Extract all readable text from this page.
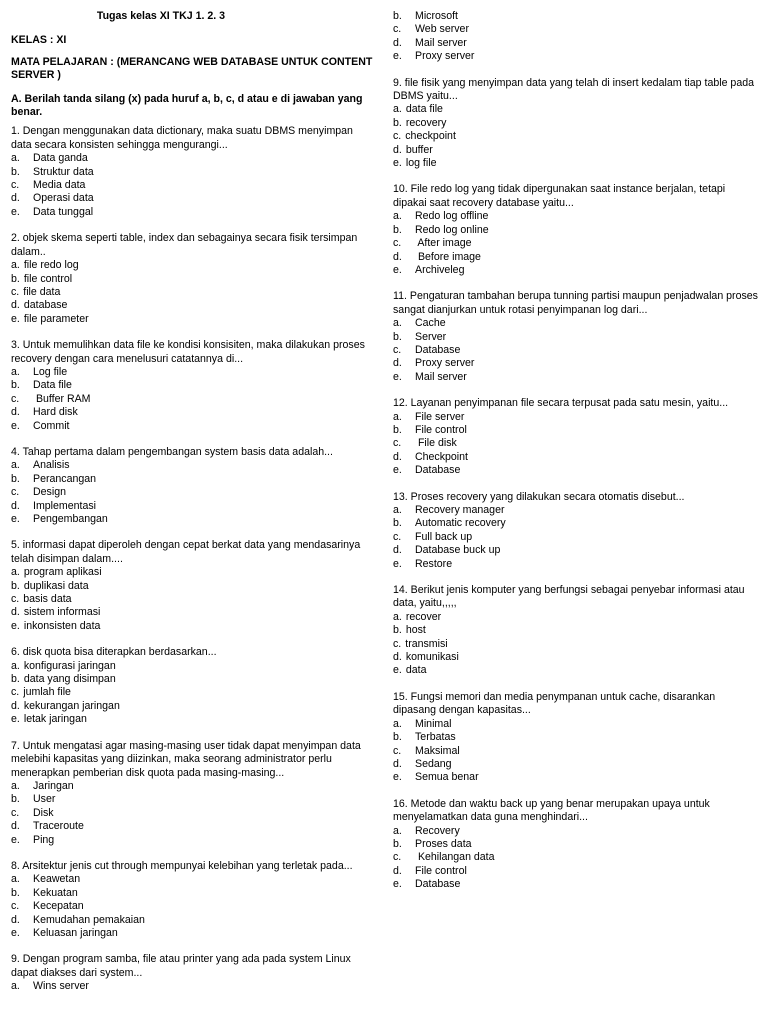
Tugas kelas XI TKJ 1. 2. 3

KELAS : XI

MATA PELAJARAN : (MERANCANG WEB DATABASE UNTUK CONTENT SERVER )

A. Berilah tanda silang (x) pada huruf a, b, c, d atau e di jawaban yang benar.

1. Dengan menggunakan data dictionary, maka suatu DBMS menyimpan data secara konsisten sehingga mengurangi...

a. Data ganda

b. Struktur data

c. Media data

d. Operasi data

e. Data tunggal

2. objek skema seperti table, index dan sebagainya secara fisik tersimpan dalam..

a. file redo log

b. file control

c. file data

d. database

e. file parameter

3. Untuk memulihkan data file ke kondisi konsisiten, maka dilakukan proses recovery dengan cara menelusuri catatannya di...

a. Log file

b. Data file

c. Buffer RAM

d. Hard disk

e. Commit

4. Tahap pertama dalam pengembangan system basis data adalah...

a. Analisis

b. Perancangan

c. Design

d. Implementasi

e. Pengembangan

5. informasi dapat diperoleh dengan cepat berkat data yang mendasarinya telah disimpan dalam....

a. program aplikasi

b. duplikasi data

c. basis data

d. sistem informasi

e. inkonsisten data

6. disk quota bisa diterapkan berdasarkan...

a. konfigurasi jaringan

b. data yang disimpan

c. jumlah file

d. kekurangan jaringan

e. letak jaringan

7. Untuk mengatasi agar masing-masing user tidak dapat menyimpan data melebihi kapasitas yang diizinkan, maka seorang administrator perlu menerapkan pemberian disk quota pada masing-masing...

a. Jaringan

b. User

c. Disk

d. Traceroute

e. Ping

8. Arsitektur jenis cut through mempunyai kelebihan yang terletak pada...

a. Keawetan

b. Kekuatan

c. Kecepatan

d. Kemudahan pemakaian

e. Keluasan jaringan

9. Dengan program samba, file atau printer yang ada pada system Linux dapat diakses dari system...

a. Wins server

b. Microsoft

c. Web server

d. Mail server

e. Proxy server

9. file fisik yang menyimpan data yang telah di insert kedalam tiap table pada DBMS yaitu...

a. data file

b. recovery

c. checkpoint

d. buffer

e. log file

10. File redo log yang tidak dipergunakan saat instance berjalan, tetapi dipakai saat recovery database yaitu...

a. Redo log offline

b. Redo log online

c. After image

d. Before image

e. Archiveleg

11. Pengaturan tambahan berupa tunning partisi maupun penjadwalan proses sangat dianjurkan untuk rotasi penyimpanan log dari...

a. Cache

b. Server

c. Database

d. Proxy server

e. Mail server

12. Layanan penyimpanan file secara terpusat pada satu mesin, yaitu...

a. File server

b. File control

c. File disk

d. Checkpoint

e. Database

13. Proses recovery yang dilakukan secara otomatis disebut...

a. Recovery manager

b. Automatic recovery

c. Full back up

d. Database buck up

e. Restore

14. Berikut jenis komputer yang berfungsi sebagai penyebar informasi atau data, yaitu,,,,,

a. recover

b. host

c. transmisi

d. komunikasi

e. data

15. Fungsi memori dan media penympanan untuk cache, disarankan dipasang dengan kapasitas...

a. Minimal

b. Terbatas

c. Maksimal

d. Sedang

e. Semua benar

16. Metode dan waktu back up yang benar merupakan upaya untuk menyelamatkan data guna menghindari...

a. Recovery

b. Proses data

c. Kehilangan data

d. File control

e. Database
